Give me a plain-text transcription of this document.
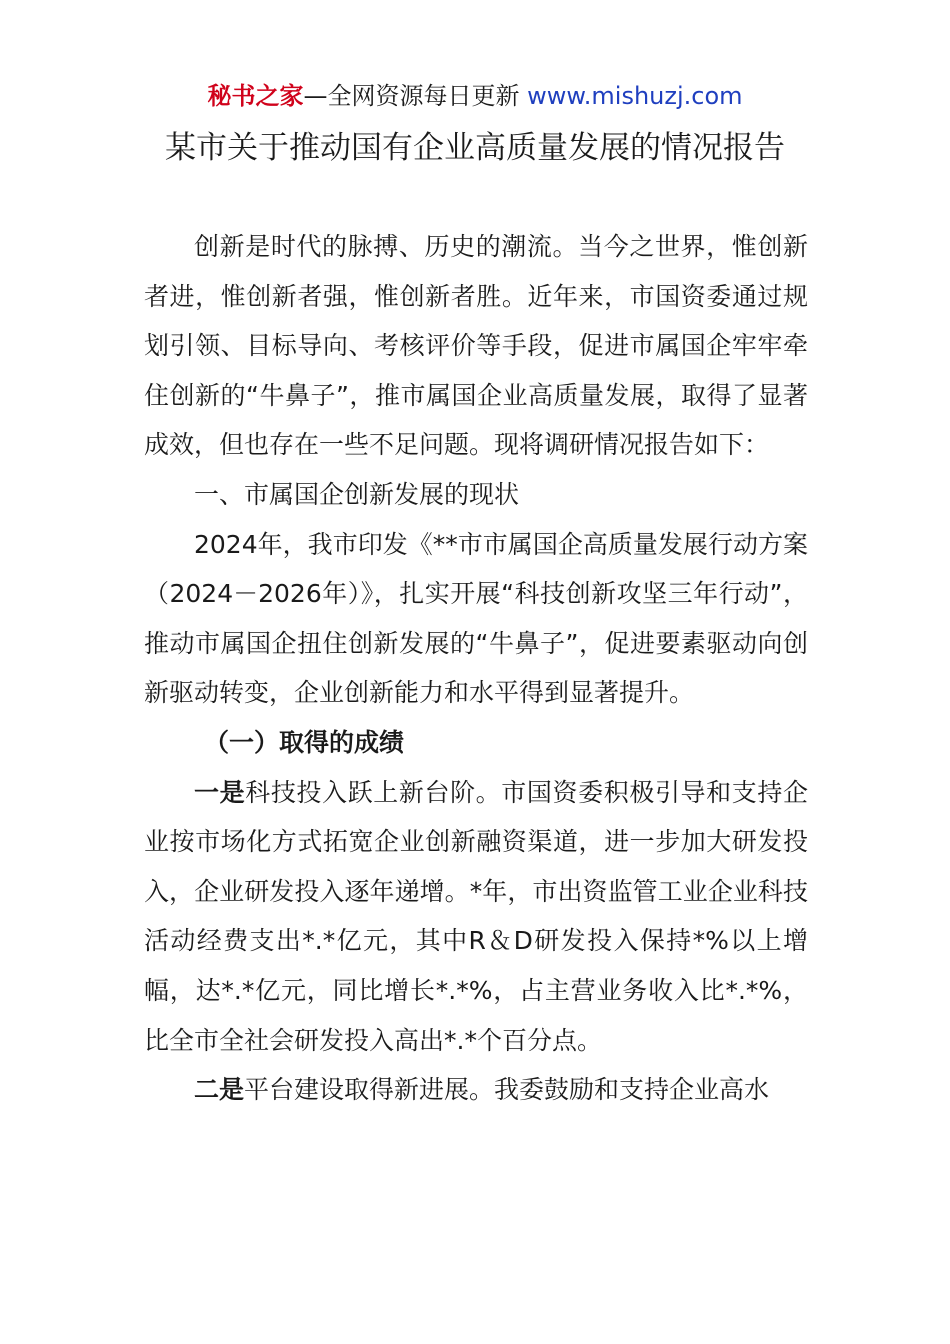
秘书之家—全网资源每日更新 www.mishuzj.com
某市关于推动国有企业高质量发展的情况报告

创新是时代的脉搏、历史的潮流。当今之世界，惟创新者进，惟创新者强，惟创新者胜。近年来，市国资委通过规划引领、目标导向、考核评价等手段，促进市属国企牢牢牵住创新的“牛鼻子”，推市属国企业高质量发展，取得了显著成效，但也存在一些不足问题。现将调研情况报告如下：

一、市属国企创新发展的现状

2024年，我市印发《**市市属国企高质量发展行动方案（2024－2026年）》，扎实开展“科技创新攻坚三年行动”，推动市属国企扭住创新发展的“牛鼻子”，促进要素驱动向创新驱动转变，企业创新能力和水平得到显著提升。

（一）取得的成绩

一是科技投入跃上新台阶。市国资委积极引导和支持企业按市场化方式拓宽企业创新融资渠道，进一步加大研发投入，企业研发投入逐年递增。*年，市出资监管工业企业科技活动经费支出*.*亿元，其中R＆D研发投入保持*%以上增幅，达*.*亿元，同比增长*.*%，占主营业务收入比*.*%，比全市全社会研发投入高出*.*个百分点。

二是平台建设取得新进展。我委鼓励和支持企业高水
